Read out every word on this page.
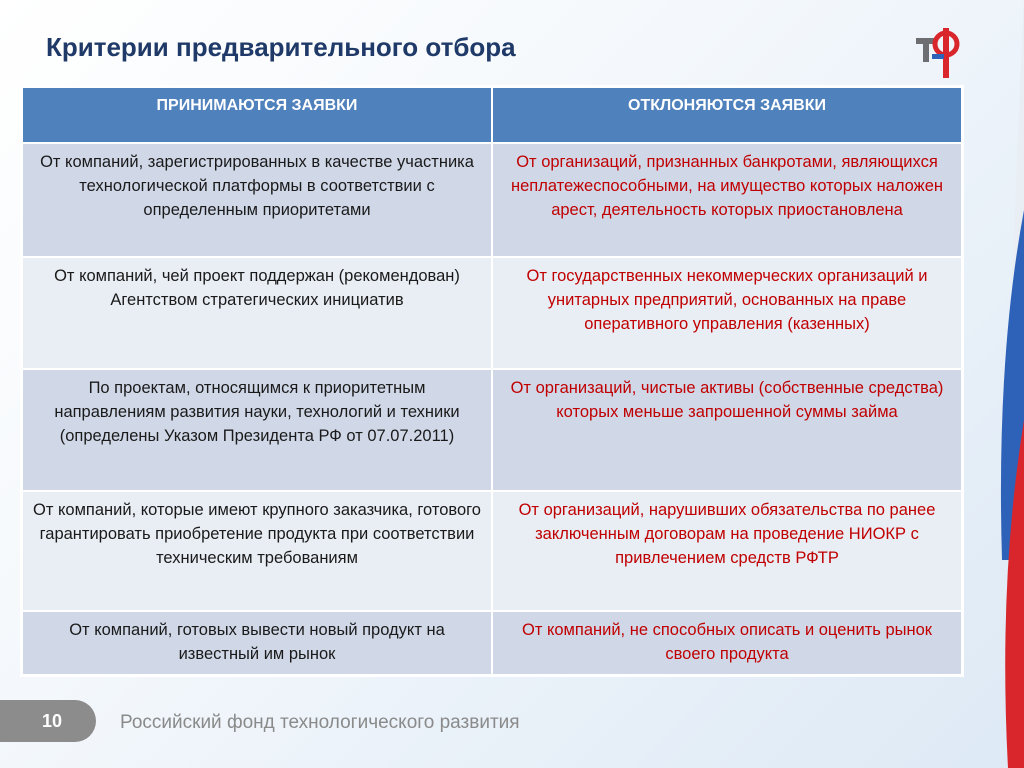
Критерии предварительного отбора
ПРИНИМАЮТСЯ ЗАЯВКИ	ОТКЛОНЯЮТСЯ ЗАЯВКИ
От компаний, зарегистрированных в качестве участника технологической платформы в соответствии с определенным приоритетами	От организаций, признанных банкротами, являющихся неплатежеспособными, на имущество которых наложен арест, деятельность которых приостановлена
От компаний, чей проект поддержан (рекомендован) Агентством стратегических инициатив	От государственных некоммерческих организаций и унитарных предприятий, основанных на праве оперативного управления (казенных)
По проектам, относящимся к приоритетным направлениям развития науки, технологий и техники (определены Указом Президента РФ от 07.07.2011)	От организаций, чистые активы (собственные средства) которых меньше запрошенной суммы займа
От компаний, которые имеют крупного заказчика, готового гарантировать приобретение продукта при соответствии техническим требованиям	От организаций, нарушивших обязательства по ранее заключенным договорам на проведение НИОКР с привлечением средств РФТР
От компаний, готовых вывести новый продукт на известный им рынок	От компаний, не способных описать и оценить рынок своего продукта
10	Российский фонд технологического развития
